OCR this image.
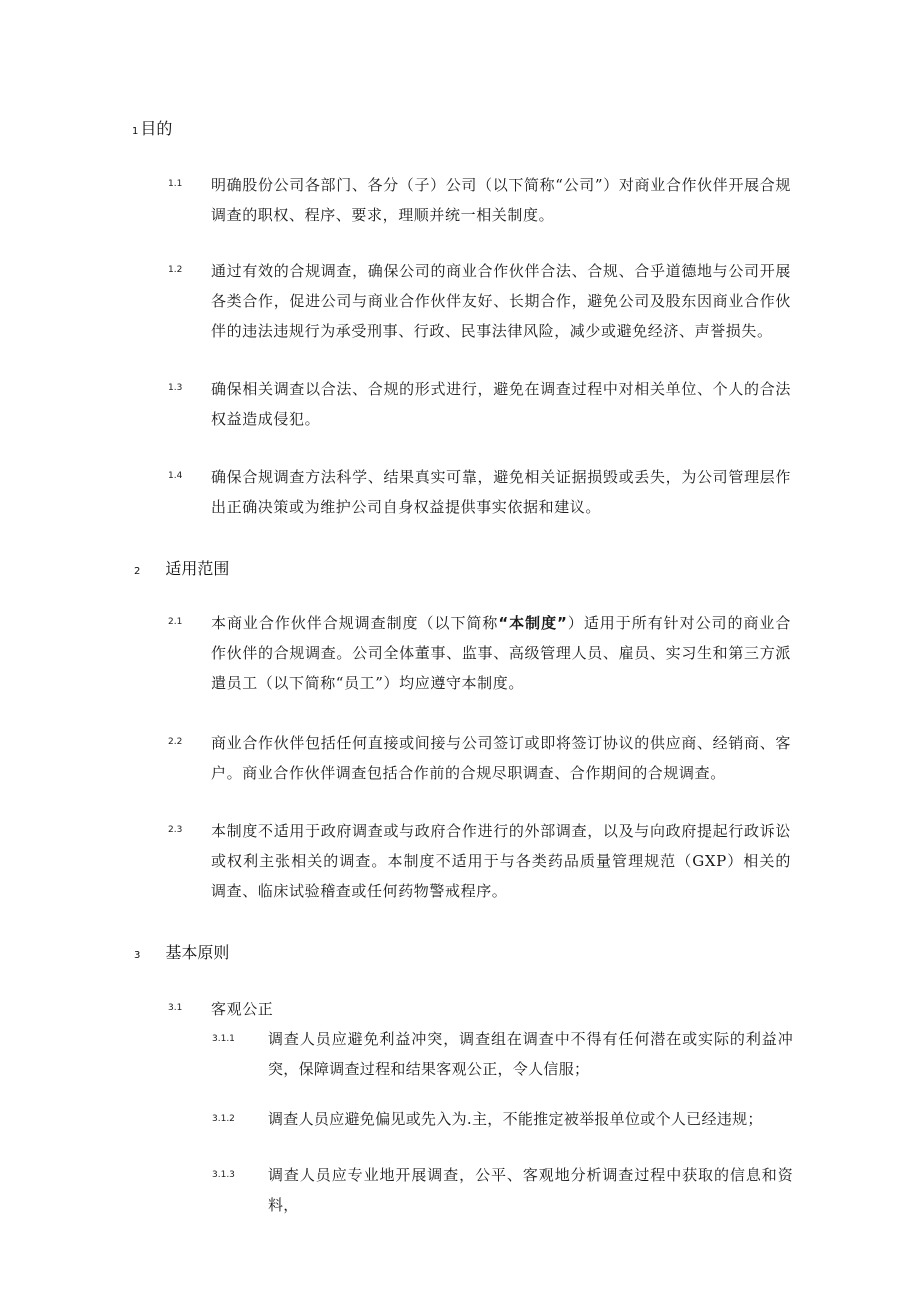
1 目的
1.1 明确股份公司各部门、各分（子）公司（以下简称“公司”）对商业合作伙伴开展合规调查的职权、程序、要求，理顺并统一相关制度。
1.2 通过有效的合规调查，确保公司的商业合作伙伴合法、合规、合乎道德地与公司开展各类合作，促进公司与商业合作伙伴友好、长期合作，避免公司及股东因商业合作伙伴的违法违规行为承受刑事、行政、民事法律风险，减少或避免经济、声誉损失。
1.3 确保相关调查以合法、合规的形式进行，避免在调查过程中对相关单位、个人的合法权益造成侵犯。
1.4 确保合规调查方法科学、结果真实可靠，避免相关证据损毁或丢失，为公司管理层作出正确决策或为维护公司自身权益提供事实依据和建议。
2 适用范围
2.1 本商业合作伙伴合规调查制度（以下简称“本制度”）适用于所有针对公司的商业合作伙伴的合规调查。公司全体董事、监事、高级管理人员、雇员、实习生和第三方派遣员工（以下简称“员工”）均应遵守本制度。
2.2 商业合作伙伴包括任何直接或间接与公司签订或即将签订协议的供应商、经销商、客户。商业合作伙伴调查包括合作前的合规尽职调查、合作期间的合规调查。
2.3 本制度不适用于政府调查或与政府合作进行的外部调查，以及与向政府提起行政诉讼或权利主张相关的调查。本制度不适用于与各类药品质量管理规范（GXP）相关的调查、临床试验稽查或任何药物警戒程序。
3 基本原则
3.1 客观公正
3.1.1 调查人员应避免利益冲突，调查组在调查中不得有任何潜在或实际的利益冲突，保障调查过程和结果客观公正，令人信服；
3.1.2 调查人员应避免偏见或先入为.主，不能推定被举报单位或个人已经违规；
3.1.3 调查人员应专业地开展调查，公平、客观地分析调查过程中获取的信息和资料，
